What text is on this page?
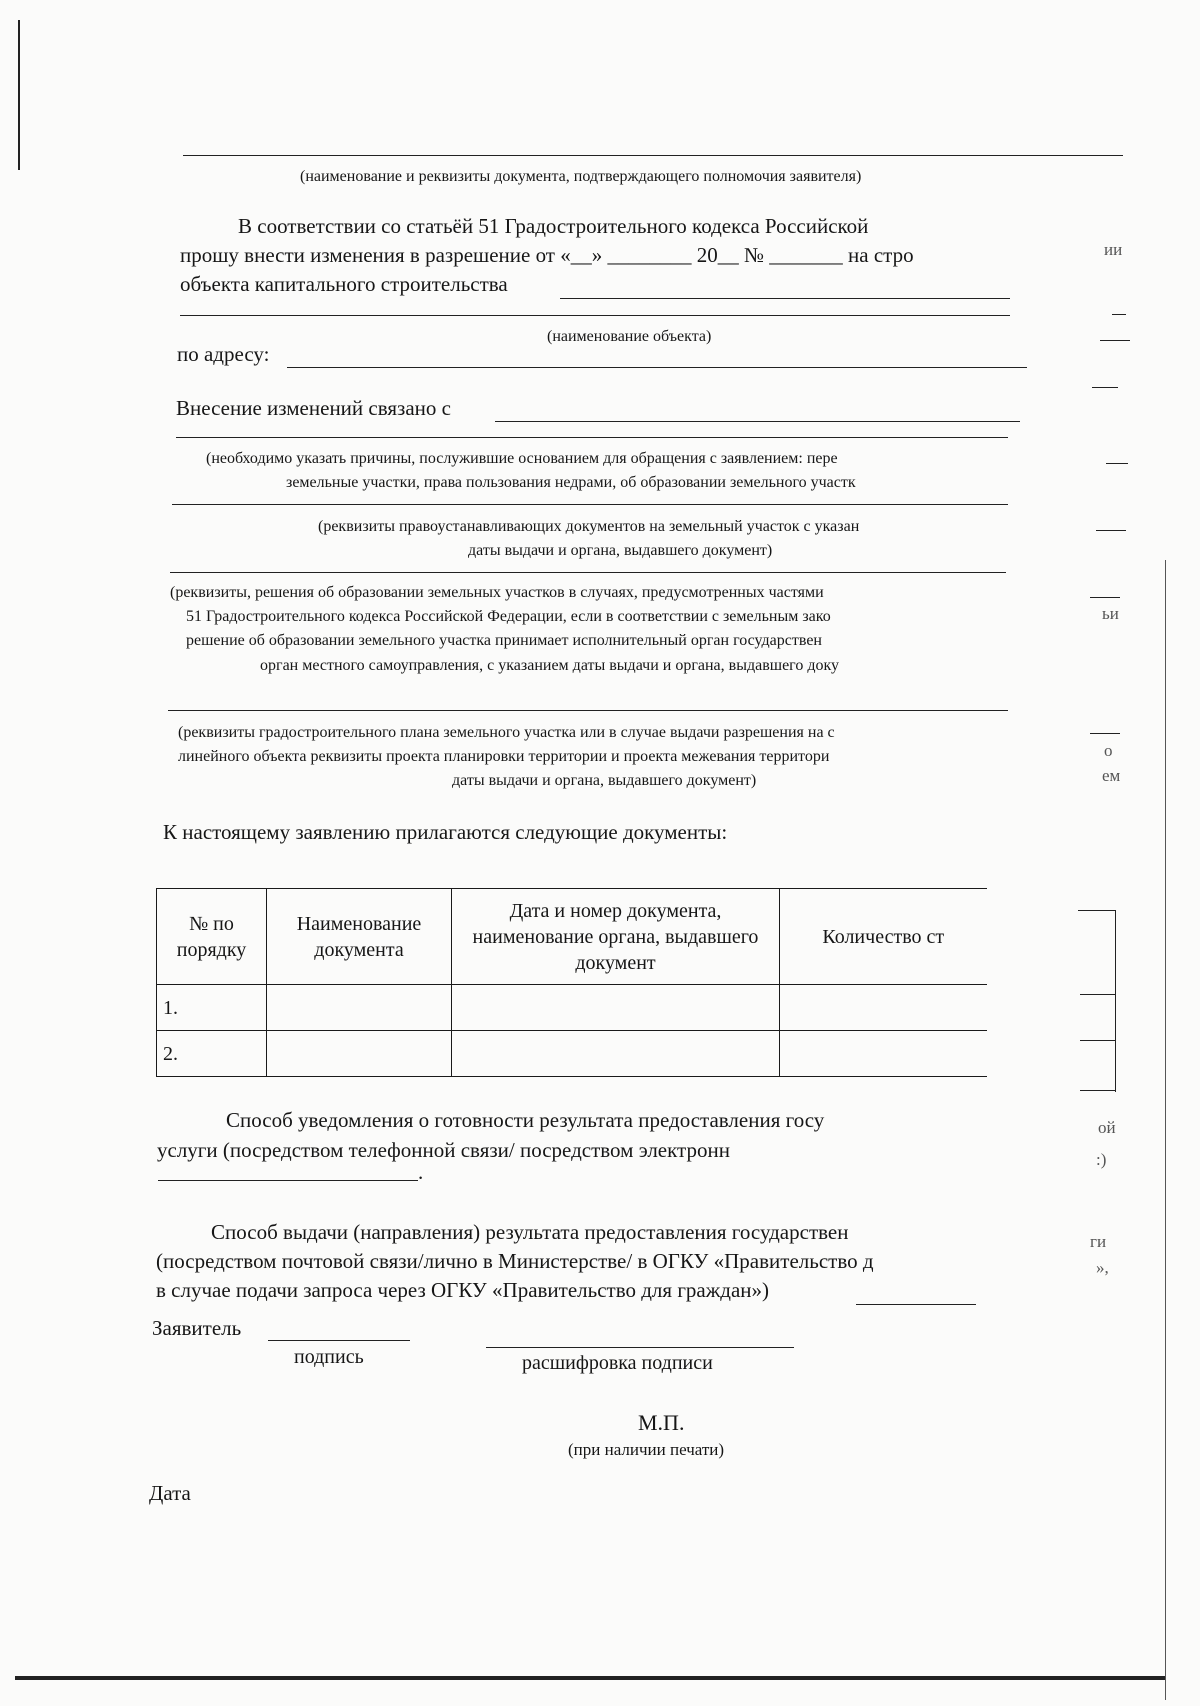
(наименование и реквизиты документа, подтверждающего полномочия заявителя)
В соответствии со статьёй 51 Градостроительного кодекса Российской
прошу внести изменения в разрешение от «__» ________ 20__ № _______ на стро	ии
объекта капитального строительства
(наименование объекта)
по адресу:
Внесение изменений связано с
(необходимо указать причины, послужившие основанием для обращения с заявлением: пере
земельные участки, права пользования недрами, об образовании земельного участк
(реквизиты правоустанавливающих документов на земельный участок с указан
даты выдачи и органа, выдавшего документ)
(реквизиты, решения об образовании земельных участков в случаях, предусмотренных частями
51 Градостроительного кодекса Российской Федерации, если в соответствии с земельным зако
решение об образовании земельного участка принимает исполнительный орган государствен
орган местного самоуправления, с указанием даты выдачи и органа, выдавшего доку
ьи
(реквизиты градостроительного плана земельного участка или в случае выдачи разрешения на с
линейного объекта реквизиты проекта планировки территории и проекта межевания территори
даты выдачи и органа, выдавшего документ)
о
ем
К настоящему заявлению прилагаются следующие документы:
№ по порядку	Наименование документа	Дата и номер документа, наименование органа, выдавшего документ	Количество ст
1.			
2.			
Способ уведомления о готовности результата предоставления госу	ой
услуги (посредством телефонной связи/ посредством электронн	:)
.
Способ выдачи (направления) результата предоставления государствен	ги
(посредством почтовой связи/лично в Министерстве/ в ОГКУ «Правительство д	»,
в случае подачи запроса через ОГКУ «Правительство для граждан»)
Заявитель
подпись	расшифровка подписи
М.П.
(при наличии печати)
Дата
